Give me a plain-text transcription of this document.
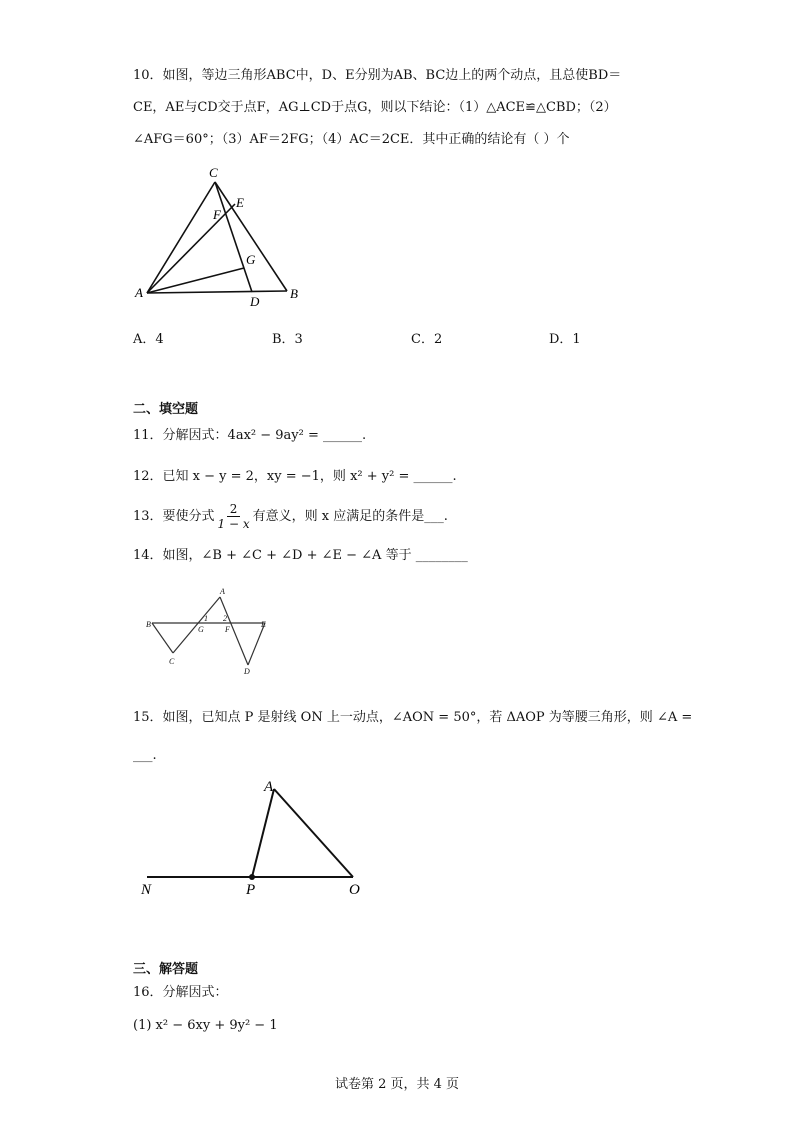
10．如图，等边三角形ABC中，D、E分别为AB、BC边上的两个动点，且总使BD＝
CE，AE与CD交于点F，AG⊥CD于点G，则以下结论：（1）△ACE≌△CBD；（2）
∠AFG＝60°；（3）AF＝2FG；（4）AC＝2CE．其中正确的结论有（ ）个
A	B
C
D
E
F
G
A．4	B．3	C．2	D．1
二、填空题
11．分解因式：4ax² − 9ay² = ______.
12．已知 x − y = 2，xy = −1，则 x² + y² = ______.
13．要使分式 $\frac{2}{1 - x}$ 有意义，则 x 应满足的条件是___.
14．如图，∠B + ∠C + ∠D + ∠E − ∠A 等于 ________
B
C
A
D
E
G	F
1 2
15．如图，已知点 P 是射线 ON 上一动点，∠AON = 50°，若 ΔAOP 为等腰三角形，则 ∠A =
___.
A
N	P	O
三、解答题
16．分解因式：
(1) x² − 6xy + 9y² − 1
试卷第 2 页，共 4 页
